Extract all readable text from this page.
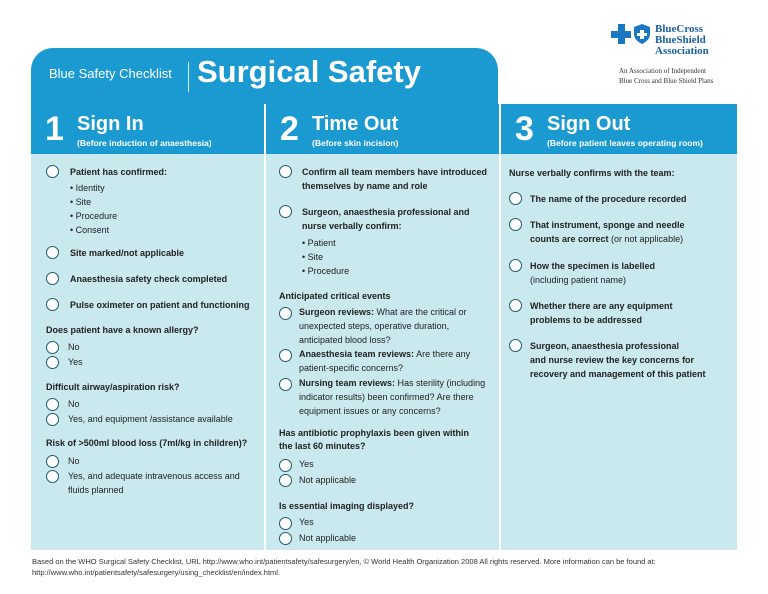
Blue Safety Checklist Surgical Safety
BlueCross
BlueShield
Association
An Association of Independent
Blue Cross and Blue Shield Plans
1 Sign In
(Before induction of anaesthesia) 2 Time Out
(Before skin incision)	3 Sign Out
(Before patient leaves operating room)
Patient has confirmed:
• Identity
• Site
• Procedure
• Consent
Site marked/not applicable
Anaesthesia safety check completed
Pulse oximeter on patient and functioning
Does patient have a known allergy?
No
Yes
Difficult airway/aspiration risk?
No
Yes, and equipment /assistance available
Risk of >500ml blood loss (7ml/kg in children)?
No
Yes, and adequate intravenous access and
fluids planned
Confirm all team members have introduced
themselves by name and role
Surgeon, anaesthesia professional and
nurse verbally confirm:
• Patient
• Site
• Procedure
Anticipated critical events
Surgeon reviews: What are the critical or
unexpected steps, operative duration,
anticipated blood loss?
Anaesthesia team reviews: Are there any
patient-specific concerns?
Nursing team reviews: Has sterility (including
indicator results) been confirmed? Are there
equipment issues or any concerns?
Has antibiotic prophylaxis been given within
the last 60 minutes?
Yes
Not applicable
Is essential imaging displayed?
Yes
Not applicable
Nurse verbally confirms with the team:
The name of the procedure recorded
That instrument, sponge and needle
counts are correct (or not applicable)
How the specimen is labelled
(including patient name)
Whether there are any equipment
problems to be addressed
Surgeon, anaesthesia professional
and nurse review the key concerns for
recovery and management of this patient
Based on the WHO Surgical Safety Checklist, URL http://www.who.int/patientsafety/safesurgery/en, © World Health Organization 2008 All rights reserved. More information can be found at:
http://www.who.int/patientsafety/safesurgery/using_checklist/en/index.html.
